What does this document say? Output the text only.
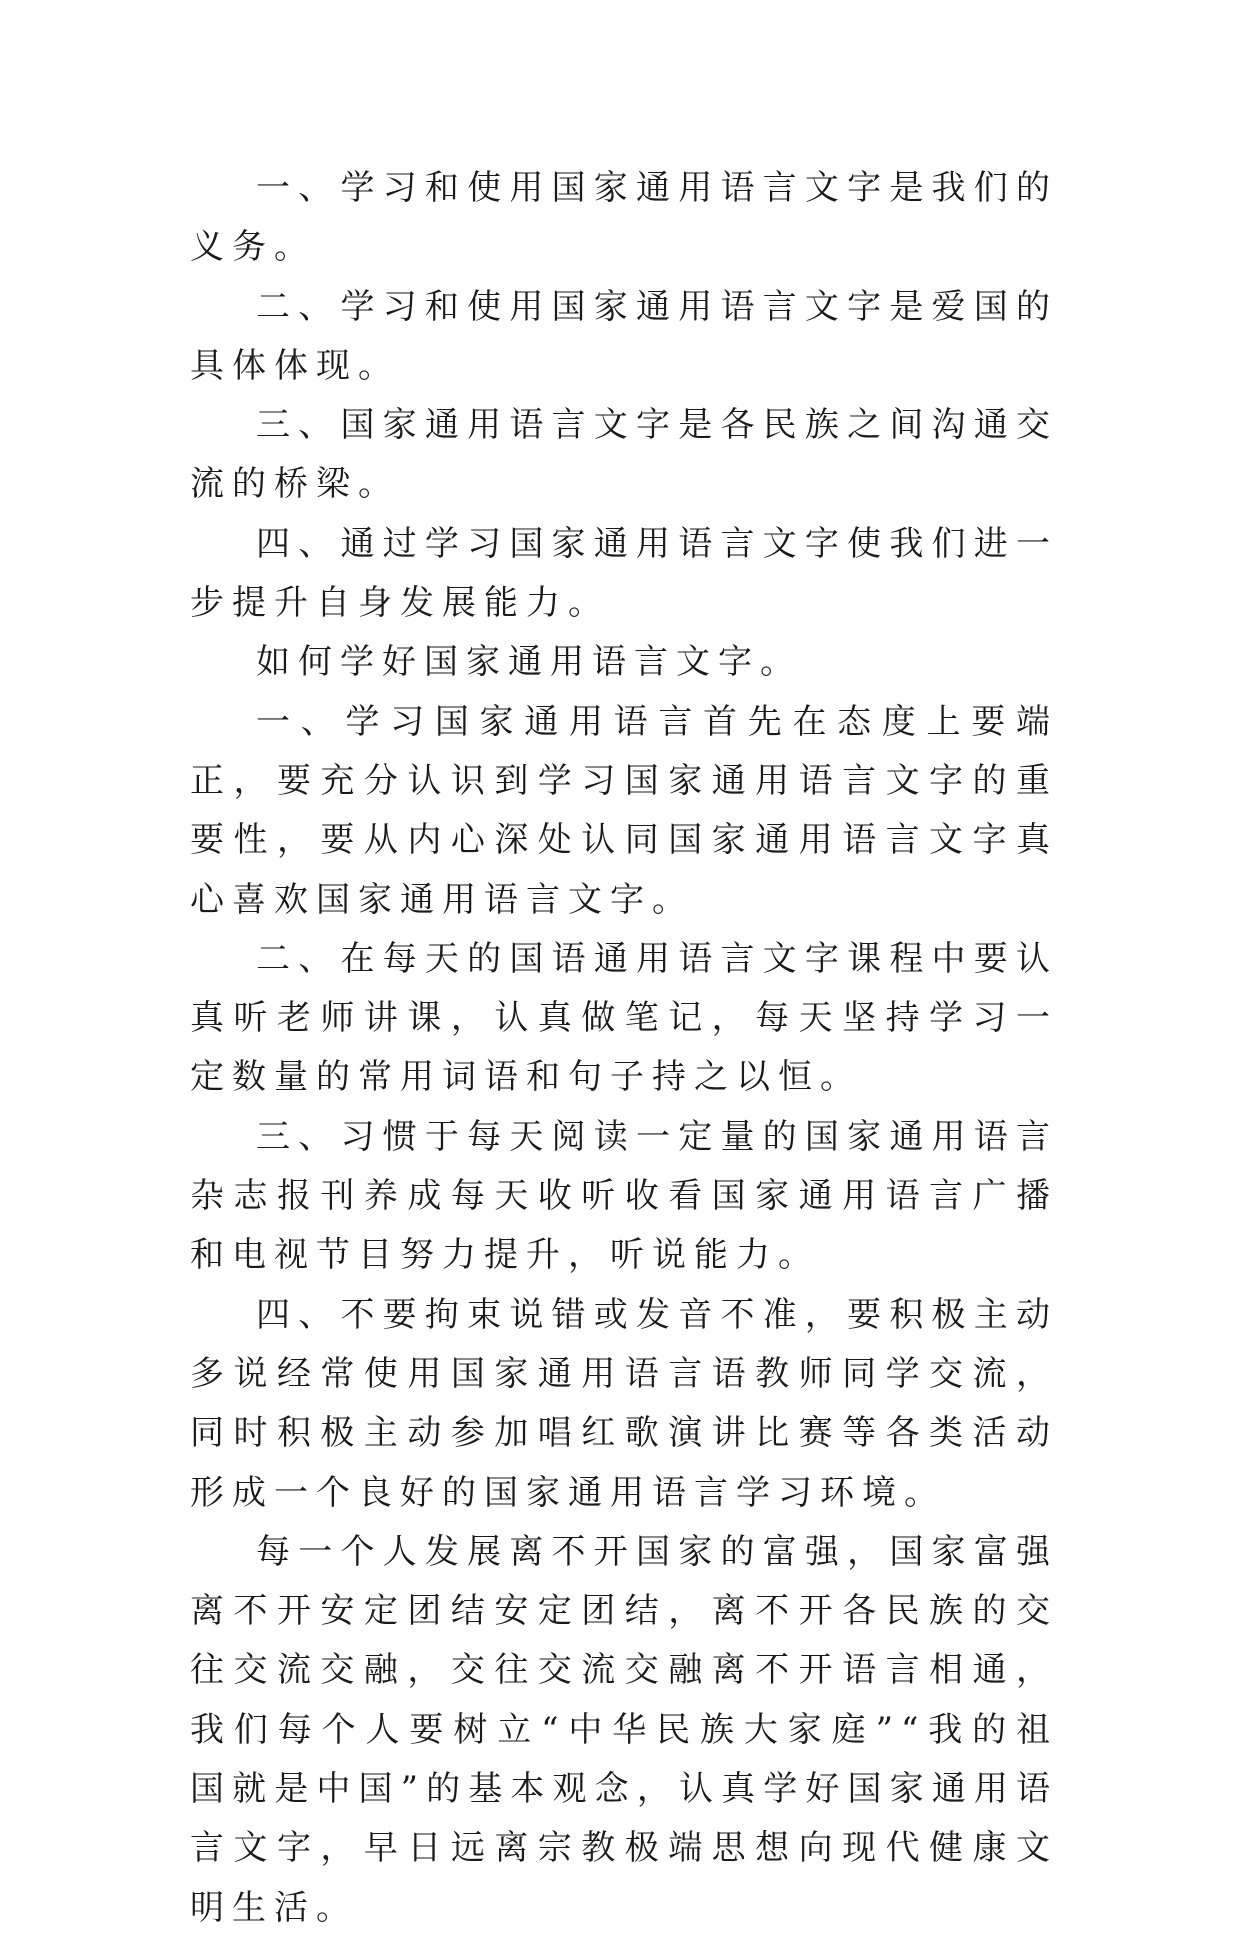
一、学习和使用国家通用语言文字是我们的义务。

二、学习和使用国家通用语言文字是爱国的具体体现。

三、国家通用语言文字是各民族之间沟通交流的桥梁。

四、通过学习国家通用语言文字使我们进一步提升自身发展能力。

如何学好国家通用语言文字。

一、学习国家通用语言首先在态度上要端正，要充分认识到学习国家通用语言文字的重要性，要从内心深处认同国家通用语言文字真心喜欢国家通用语言文字。

二、在每天的国语通用语言文字课程中要认真听老师讲课，认真做笔记，每天坚持学习一定数量的常用词语和句子持之以恒。

三、习惯于每天阅读一定量的国家通用语言杂志报刊养成每天收听收看国家通用语言广播和电视节目努力提升，听说能力。

四、不要拘束说错或发音不准，要积极主动多说经常使用国家通用语言语教师同学交流，同时积极主动参加唱红歌演讲比赛等各类活动形成一个良好的国家通用语言学习环境。

每一个人发展离不开国家的富强，国家富强离不开安定团结安定团结，离不开各民族的交往交流交融，交往交流交融离不开语言相通，我们每个人要树立“中华民族大家庭”“我的祖国就是中国”的基本观念，认真学好国家通用语言文字，早日远离宗教极端思想向现代健康文明生活。
